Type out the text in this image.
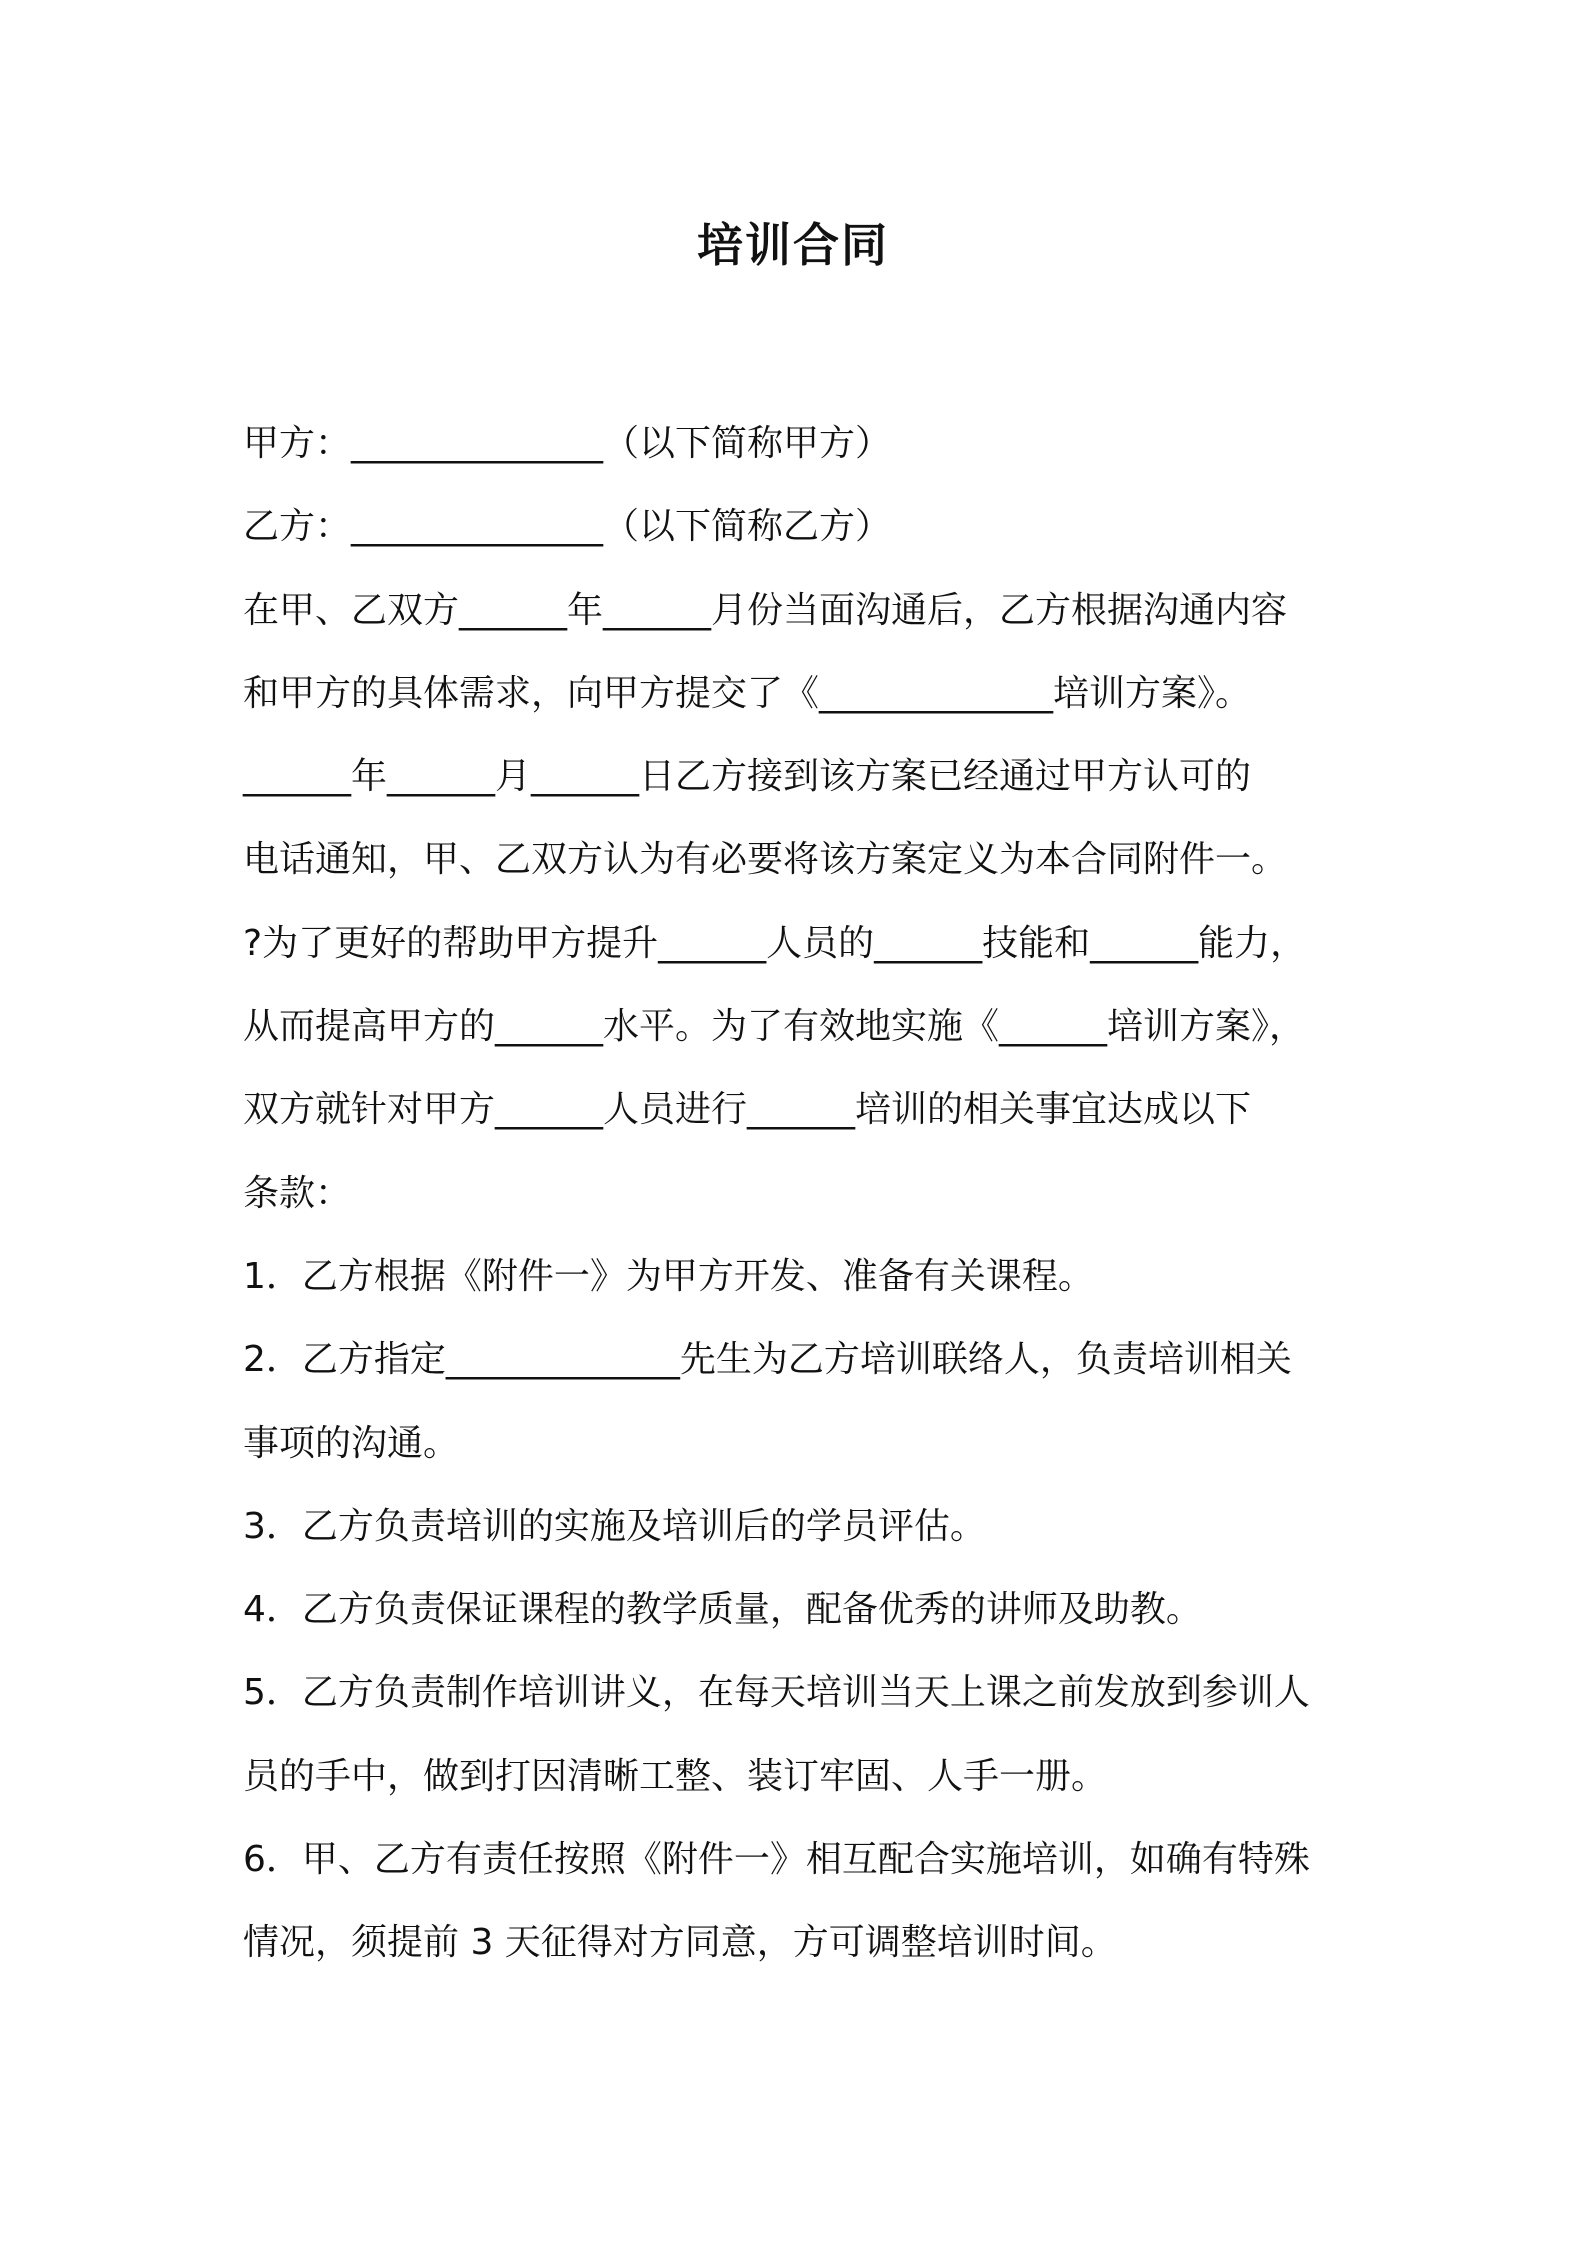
培训合同
甲方：______________（以下简称甲方）
乙方：______________（以下简称乙方）
在甲、乙双方______年______月份当面沟通后，乙方根据沟通内容
和甲方的具体需求，向甲方提交了《_____________培训方案》。
______年______月______日乙方接到该方案已经通过甲方认可的
电话通知，甲、乙双方认为有必要将该方案定义为本合同附件一。
?为了更好的帮助甲方提升______人员的______技能和______能力，
从而提高甲方的______水平。为了有效地实施《______培训方案》，
双方就针对甲方______人员进行______培训的相关事宜达成以下
条款：
1．乙方根据《附件一》为甲方开发、准备有关课程。
2．乙方指定_____________先生为乙方培训联络人，负责培训相关
事项的沟通。
3．乙方负责培训的实施及培训后的学员评估。
4．乙方负责保证课程的教学质量，配备优秀的讲师及助教。
5．乙方负责制作培训讲义，在每天培训当天上课之前发放到参训人
员的手中，做到打因清晰工整、装订牢固、人手一册。
6．甲、乙方有责任按照《附件一》相互配合实施培训，如确有特殊
情况，须提前 3 天征得对方同意，方可调整培训时间。
